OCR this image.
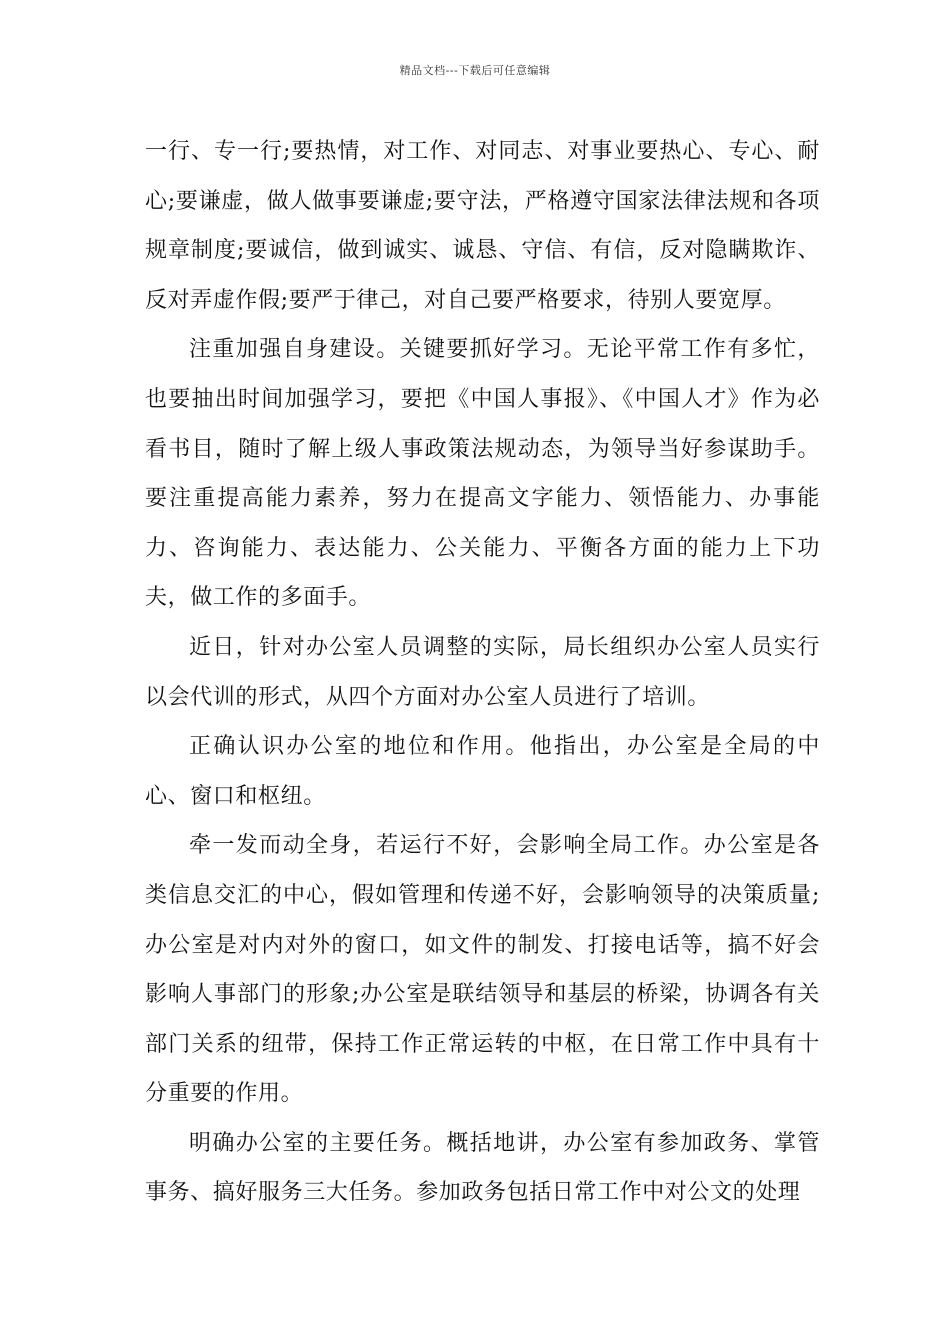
精品文档---下载后可任意编辑

一行、专一行;要热情，对工作、对同志、对事业要热心、专心、耐心;要谦虚，做人做事要谦虚;要守法，严格遵守国家法律法规和各项规章制度;要诚信，做到诚实、诚恳、守信、有信，反对隐瞒欺诈、反对弄虚作假;要严于律己，对自己要严格要求，待别人要宽厚。

注重加强自身建设。关键要抓好学习。无论平常工作有多忙，也要抽出时间加强学习，要把《中国人事报》、《中国人才》作为必看书目，随时了解上级人事政策法规动态，为领导当好参谋助手。要注重提高能力素养，努力在提高文字能力、领悟能力、办事能力、咨询能力、表达能力、公关能力、平衡各方面的能力上下功夫，做工作的多面手。

近日，针对办公室人员调整的实际，局长组织办公室人员实行以会代训的形式，从四个方面对办公室人员进行了培训。

正确认识办公室的地位和作用。他指出，办公室是全局的中心、窗口和枢纽。

牵一发而动全身，若运行不好，会影响全局工作。办公室是各类信息交汇的中心，假如管理和传递不好，会影响领导的决策质量;办公室是对内对外的窗口，如文件的制发、打接电话等，搞不好会影响人事部门的形象;办公室是联结领导和基层的桥梁，协调各有关部门关系的纽带，保持工作正常运转的中枢，在日常工作中具有十分重要的作用。

明确办公室的主要任务。概括地讲，办公室有参加政务、掌管事务、搞好服务三大任务。参加政务包括日常工作中对公文的处理
